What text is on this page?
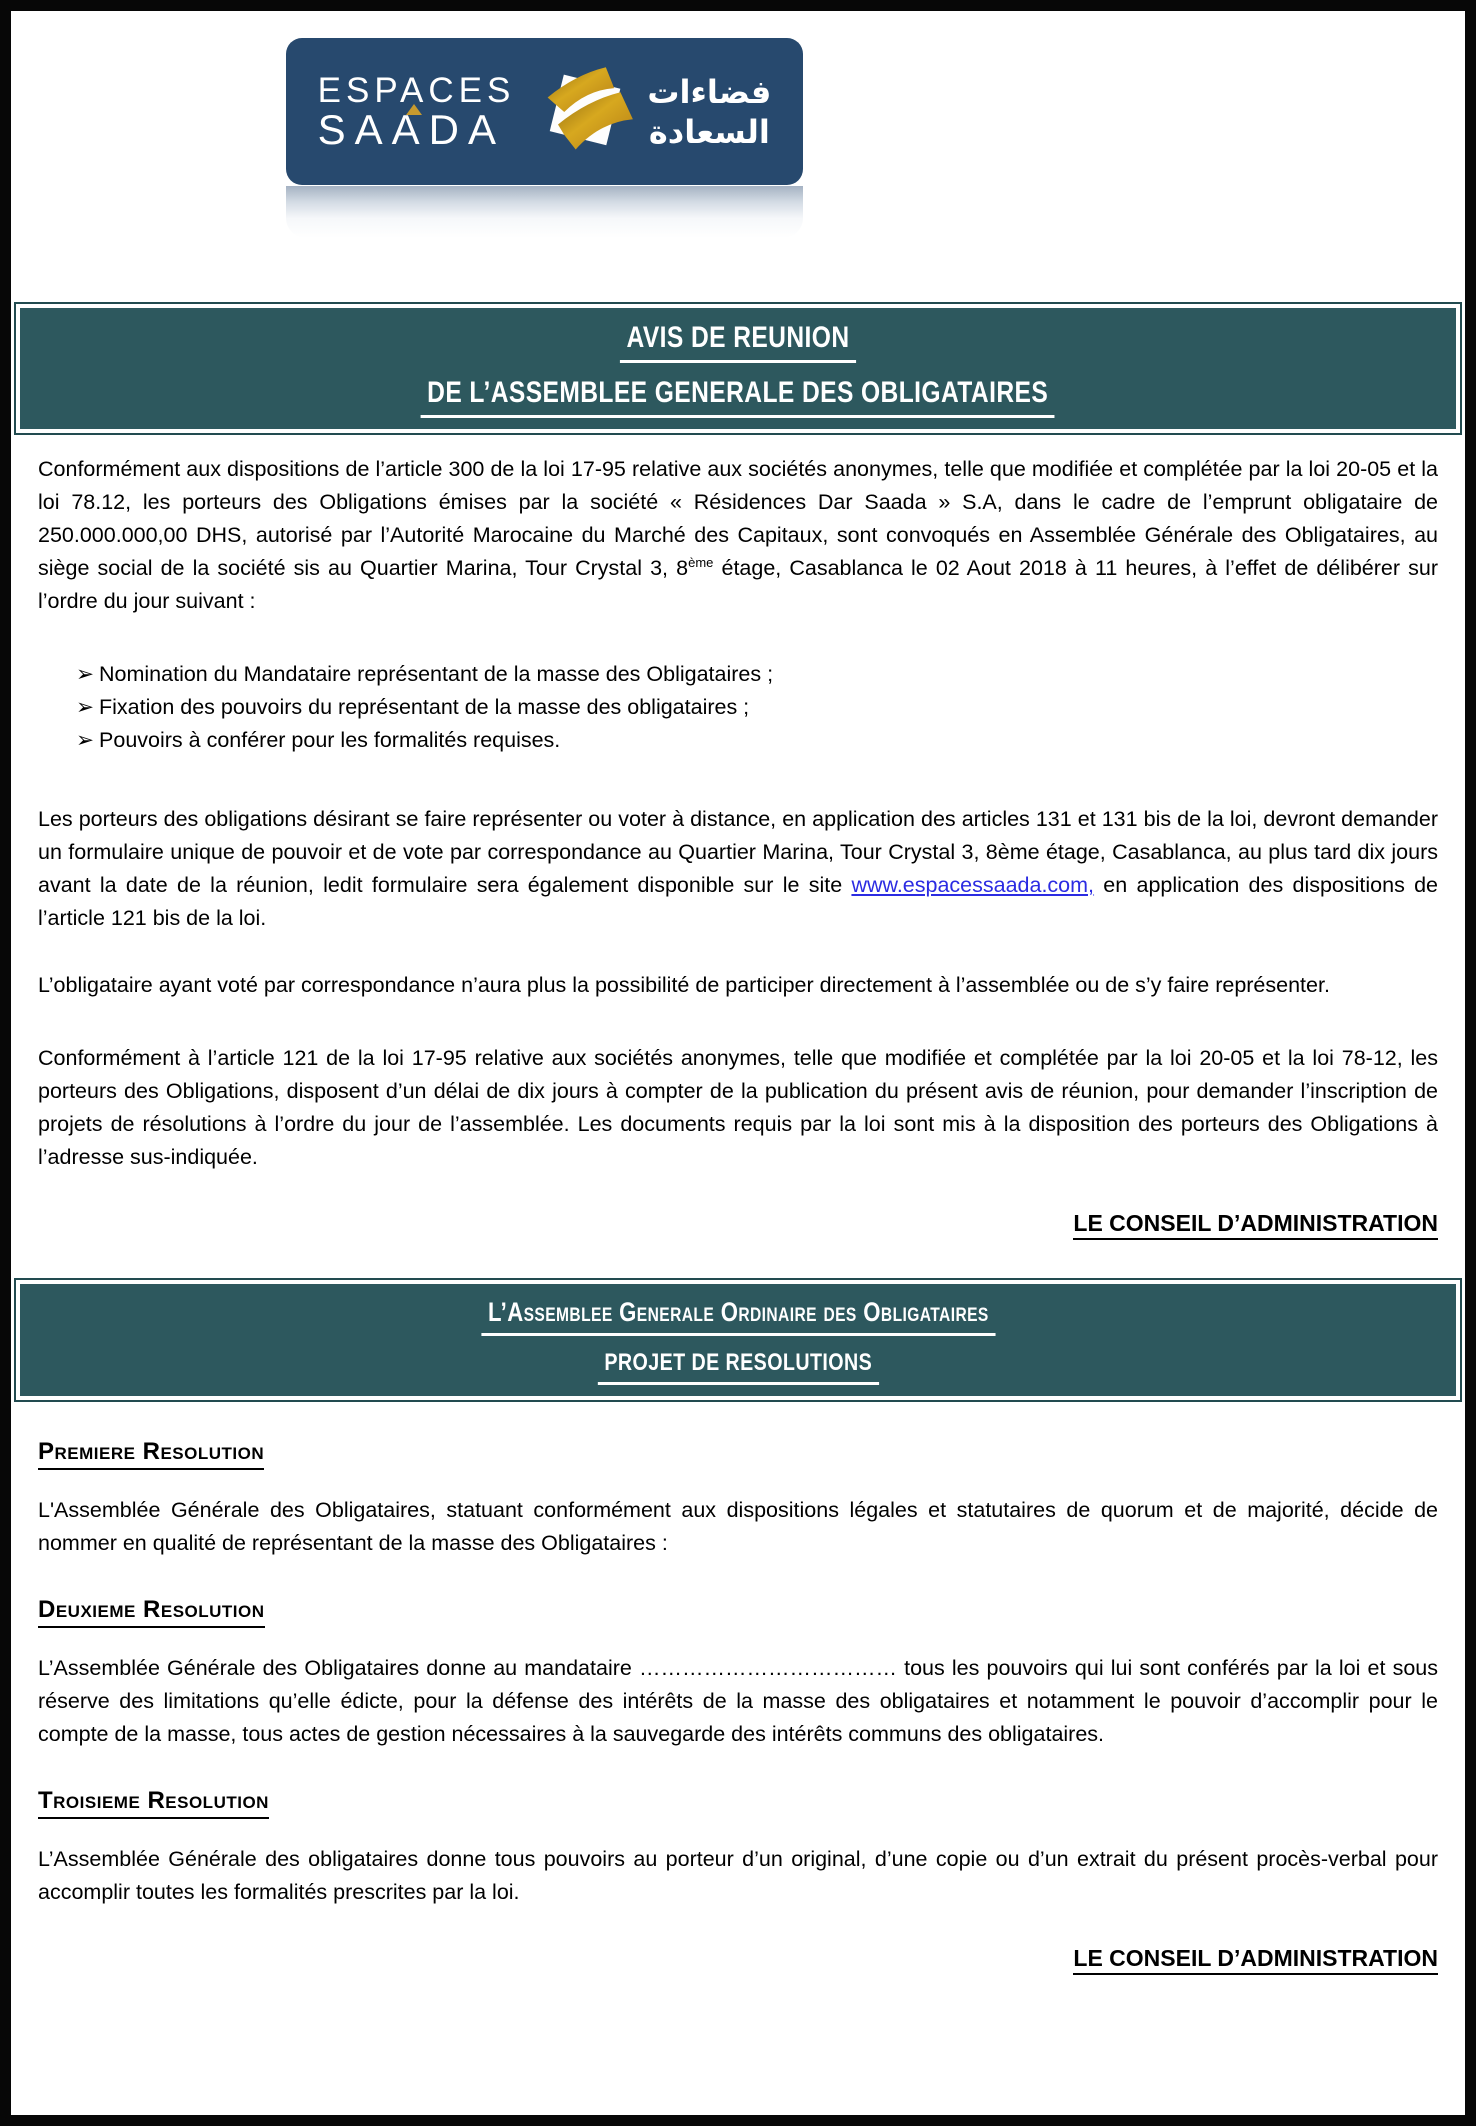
ESPACES
SAADA
فضاءات
السعادة
AVIS DE REUNION
DE L’ASSEMBLEE GENERALE DES OBLIGATAIRES

Conformément aux dispositions de l’article 300 de la loi 17-95 relative aux sociétés anonymes, telle que modifiée et complétée par la loi 20-05 et la loi 78.12, les porteurs des Obligations émises par la société « Résidences Dar Saada » S.A, dans le cadre de l’emprunt obligataire de 250.000.000,00 DHS, autorisé par l’Autorité Marocaine du Marché des Capitaux, sont convoqués en Assemblée Générale des Obligataires, au siège social de la société sis au Quartier Marina, Tour Crystal 3, 8ème étage, Casablanca le 02 Aout 2018 à 11 heures, à l’effet de délibérer sur l’ordre du jour suivant :

➢ Nomination du Mandataire représentant de la masse des Obligataires ;
➢ Fixation des pouvoirs du représentant de la masse des obligataires ;
➢ Pouvoirs à conférer pour les formalités requises.

Les porteurs des obligations désirant se faire représenter ou voter à distance, en application des articles 131 et 131 bis de la loi, devront demander un formulaire unique de pouvoir et de vote par correspondance au Quartier Marina, Tour Crystal 3, 8ème étage, Casablanca, au plus tard dix jours avant la date de la réunion, ledit formulaire sera également disponible sur le site www.espacessaada.com, en application des dispositions de l’article 121 bis de la loi.

L’obligataire ayant voté par correspondance n’aura plus la possibilité de participer directement à l’assemblée ou de s’y faire représenter.

Conformément à l’article 121 de la loi 17-95 relative aux sociétés anonymes, telle que modifiée et complétée par la loi 20-05 et la loi 78-12, les porteurs des Obligations, disposent d’un délai de dix jours à compter de la publication du présent avis de réunion, pour demander l’inscription de projets de résolutions à l’ordre du jour de l’assemblée. Les documents requis par la loi sont mis à la disposition des porteurs des Obligations à l’adresse sus-indiquée.

LE CONSEIL D’ADMINISTRATION

L’Assemblee Generale Ordinaire des Obligataires
PROJET DE RESOLUTIONS
Premiere Resolution

L'Assemblée Générale des Obligataires, statuant conformément aux dispositions légales et statutaires de quorum et de majorité, décide de nommer en qualité de représentant de la masse des Obligataires :

Deuxieme Resolution

L’Assemblée Générale des Obligataires donne au mandataire ……………………………… tous les pouvoirs qui lui sont conférés par la loi et sous réserve des limitations qu’elle édicte, pour la défense des intérêts de la masse des obligataires et notamment le pouvoir d’accomplir pour le compte de la masse, tous actes de gestion nécessaires à la sauvegarde des intérêts communs des obligataires.

Troisieme Resolution

L’Assemblée Générale des obligataires donne tous pouvoirs au porteur d’un original, d’une copie ou d’un extrait du présent procès-verbal pour accomplir toutes les formalités prescrites par la loi.

LE CONSEIL D’ADMINISTRATION
